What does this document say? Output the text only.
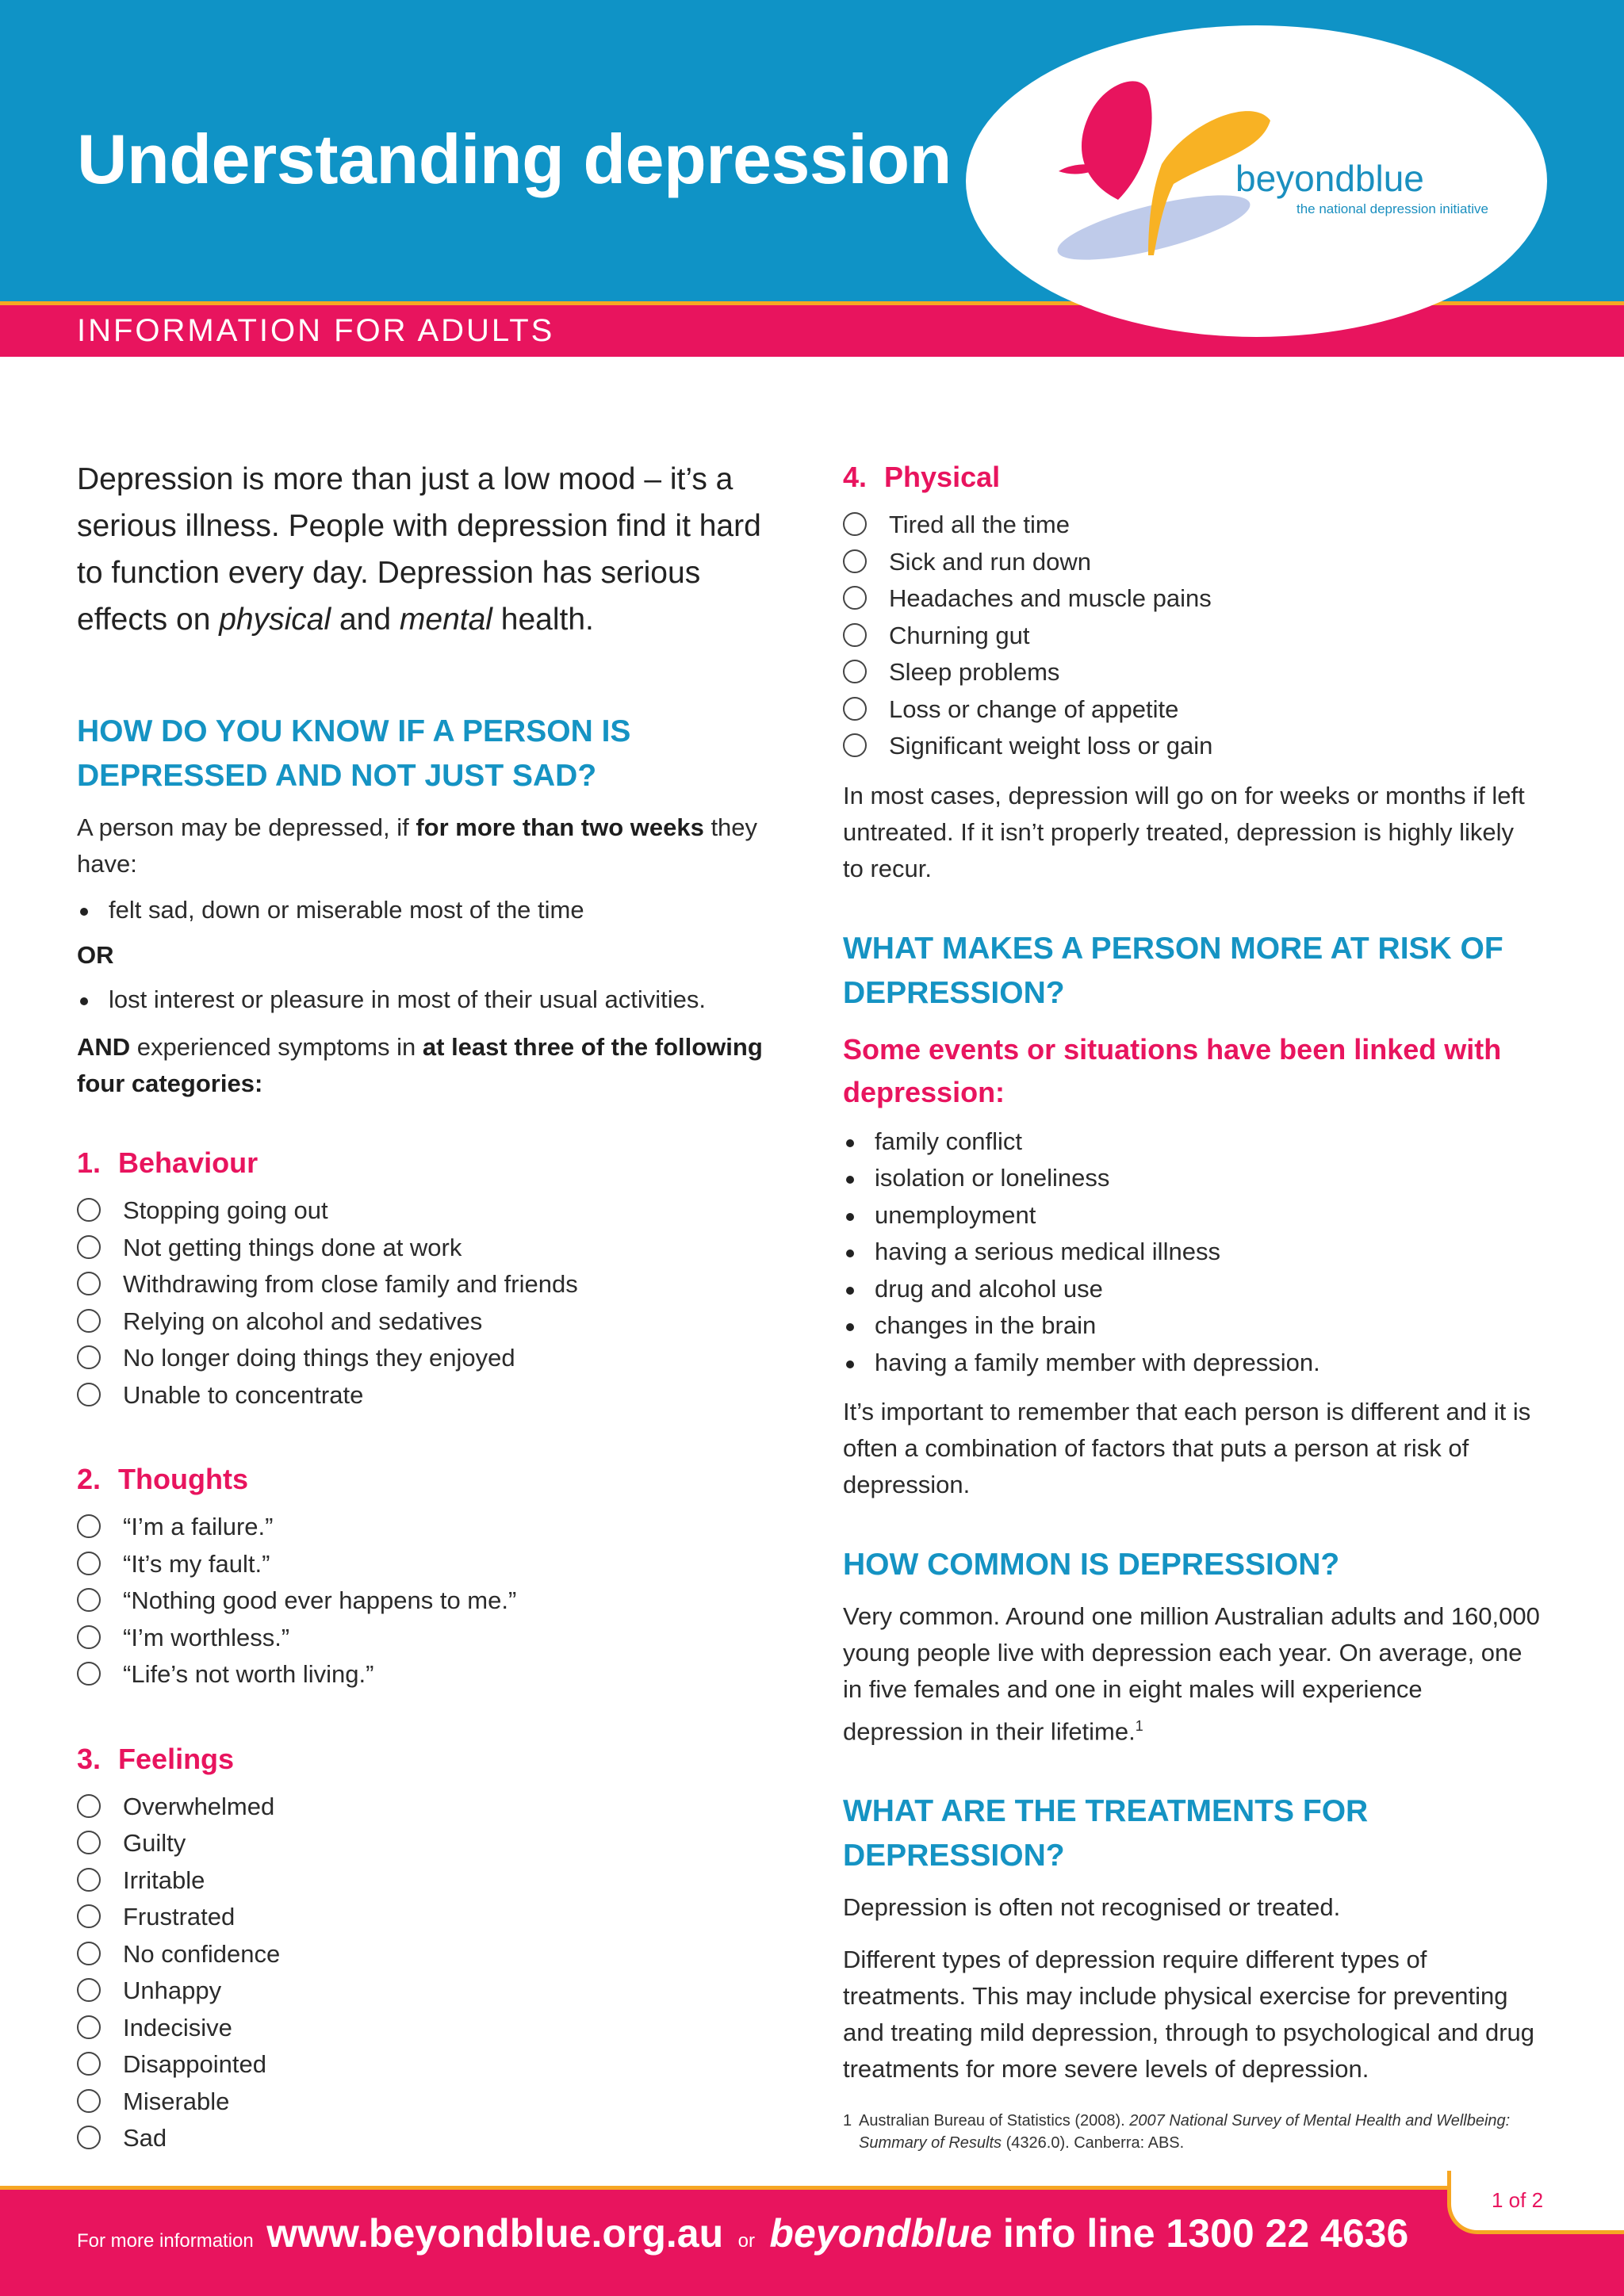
Understanding depression
INFORMATION FOR ADULTS
beyondblue
the national depression initiative

Depression is more than just a low mood – it’s a serious illness. People with depression find it hard to function every day. Depression has serious effects on physical and mental health.

HOW DO YOU KNOW IF A PERSON IS DEPRESSED AND NOT JUST SAD?

A person may be depressed, if for more than two weeks they have:

felt sad, down or miserable most of the time

OR

lost interest or pleasure in most of their usual activities.

AND experienced symptoms in at least three of the following four categories:

1. Behaviour
Stopping going out
Not getting things done at work
Withdrawing from close family and friends
Relying on alcohol and sedatives
No longer doing things they enjoyed
Unable to concentrate
2. Thoughts
“I’m a failure.”
“It’s my fault.”
“Nothing good ever happens to me.”
“I’m worthless.”
“Life’s not worth living.”
3. Feelings
Overwhelmed
Guilty
Irritable
Frustrated
No confidence
Unhappy
Indecisive
Disappointed
Miserable
Sad
4. Physical
Tired all the time
Sick and run down
Headaches and muscle pains
Churning gut
Sleep problems
Loss or change of appetite
Significant weight loss or gain

In most cases, depression will go on for weeks or months if left untreated. If it isn’t properly treated, depression is highly likely to recur.

WHAT MAKES A PERSON MORE AT RISK OF DEPRESSION?
Some events or situations have been linked with depression:
family conflict
isolation or loneliness
unemployment
having a serious medical illness
drug and alcohol use
changes in the brain
having a family member with depression.

It’s important to remember that each person is different and it is often a combination of factors that puts a person at risk of depression.

HOW COMMON IS DEPRESSION?

Very common. Around one million Australian adults and 160,000 young people live with depression each year. On average, one in five females and one in eight males will experience depression in their lifetime.$^1$

WHAT ARE THE TREATMENTS FOR DEPRESSION?

Depression is often not recognised or treated.

Different types of depression require different types of treatments. This may include physical exercise for preventing and treating mild depression, through to psychological and drug treatments for more severe levels of depression.

1 Australian Bureau of Statistics (2008). 2007 National Survey of Mental Health and Wellbeing: Summary of Results (4326.0). Canberra: ABS.

1 of 2
For more information www.beyondblue.org.au or beyondblue info line 1300 22 4636
